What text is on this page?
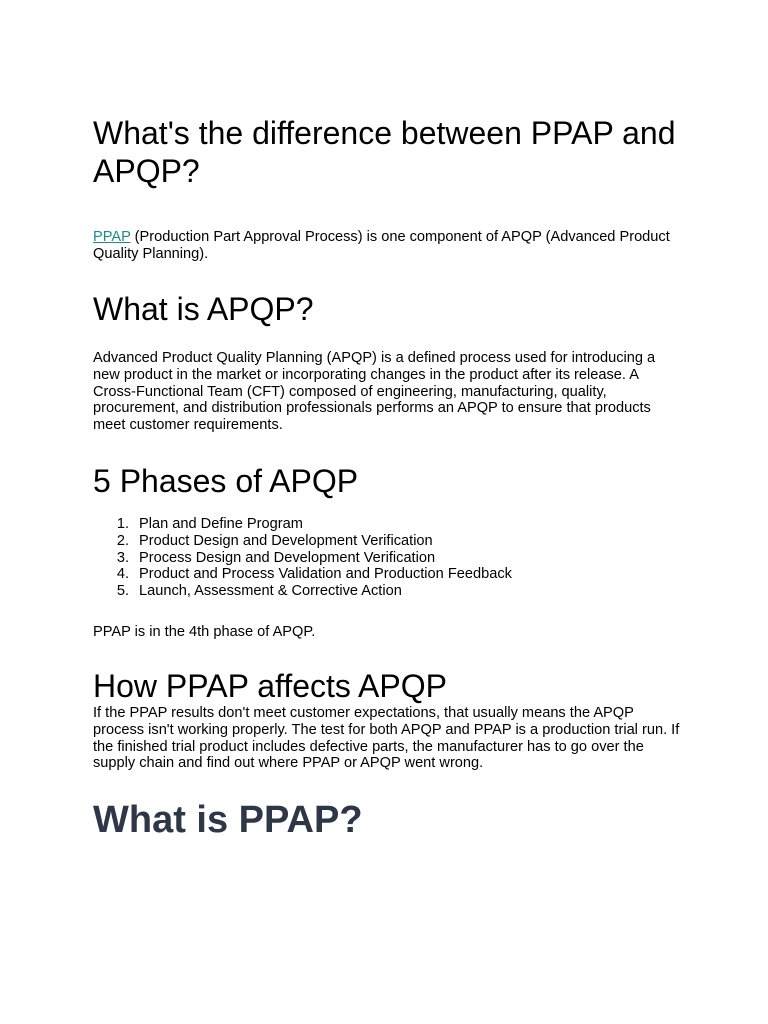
What's the difference between PPAP and APQP?

PPAP (Production Part Approval Process) is one component of APQP (Advanced Product Quality Planning).

What is APQP?

Advanced Product Quality Planning (APQP) is a defined process used for introducing a new product in the market or incorporating changes in the product after its release. A Cross-Functional Team (CFT) composed of engineering, manufacturing, quality, procurement, and distribution professionals performs an APQP to ensure that products meet customer requirements.

5 Phases of APQP
1. Plan and Define Program
2. Product Design and Development Verification
3. Process Design and Development Verification
4. Product and Process Validation and Production Feedback
5. Launch, Assessment & Corrective Action

PPAP is in the 4th phase of APQP.

How PPAP affects APQP

If the PPAP results don't meet customer expectations, that usually means the APQP process isn't working properly. The test for both APQP and PPAP is a production trial run. If the finished trial product includes defective parts, the manufacturer has to go over the supply chain and find out where PPAP or APQP went wrong.

What is PPAP?
